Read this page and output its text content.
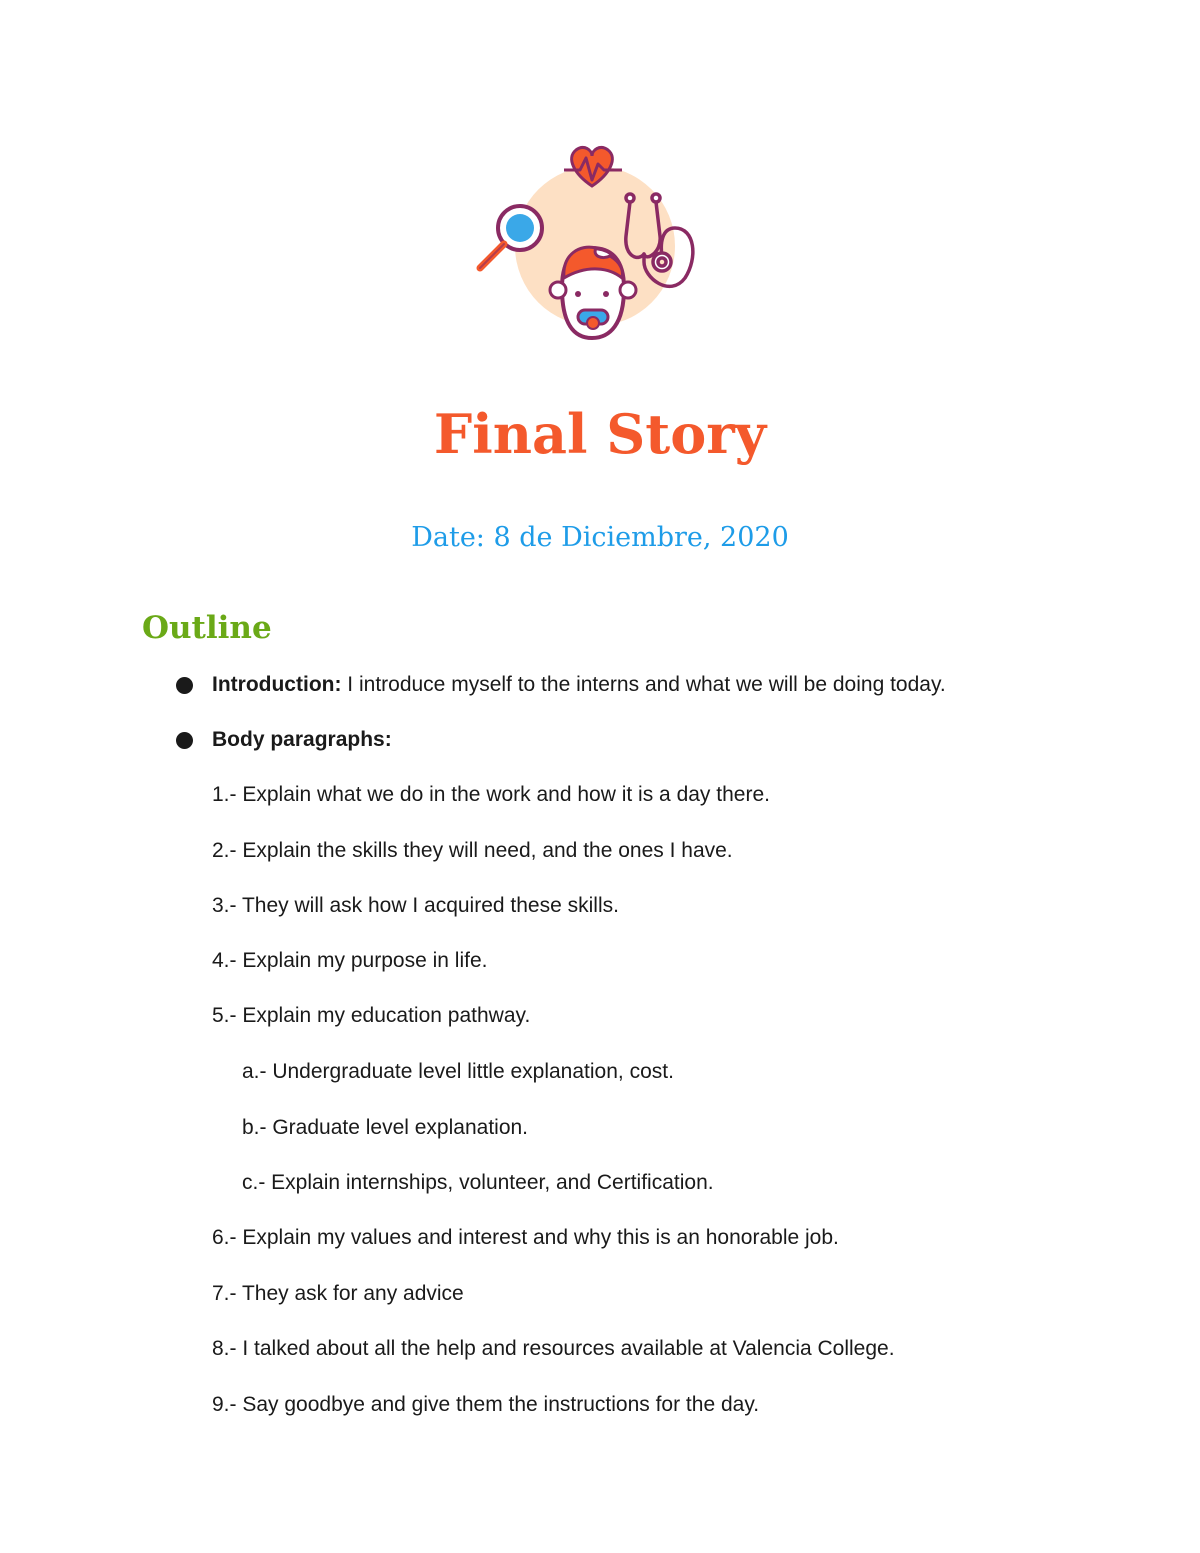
Final Story
Date: 8 de Diciembre, 2020
Outline
Introduction: I introduce myself to the interns and what we will be doing today.
Body paragraphs:
1.- Explain what we do in the work and how it is a day there.
2.- Explain the skills they will need, and the ones I have.
3.- They will ask how I acquired these skills.
4.- Explain my purpose in life.
5.- Explain my education pathway.
a.- Undergraduate level little explanation, cost.
b.- Graduate level explanation.
c.- Explain internships, volunteer, and Certification.
6.- Explain my values and interest and why this is an honorable job.
7.- They ask for any advice
8.- I talked about all the help and resources available at Valencia College.
9.- Say goodbye and give them the instructions for the day.
